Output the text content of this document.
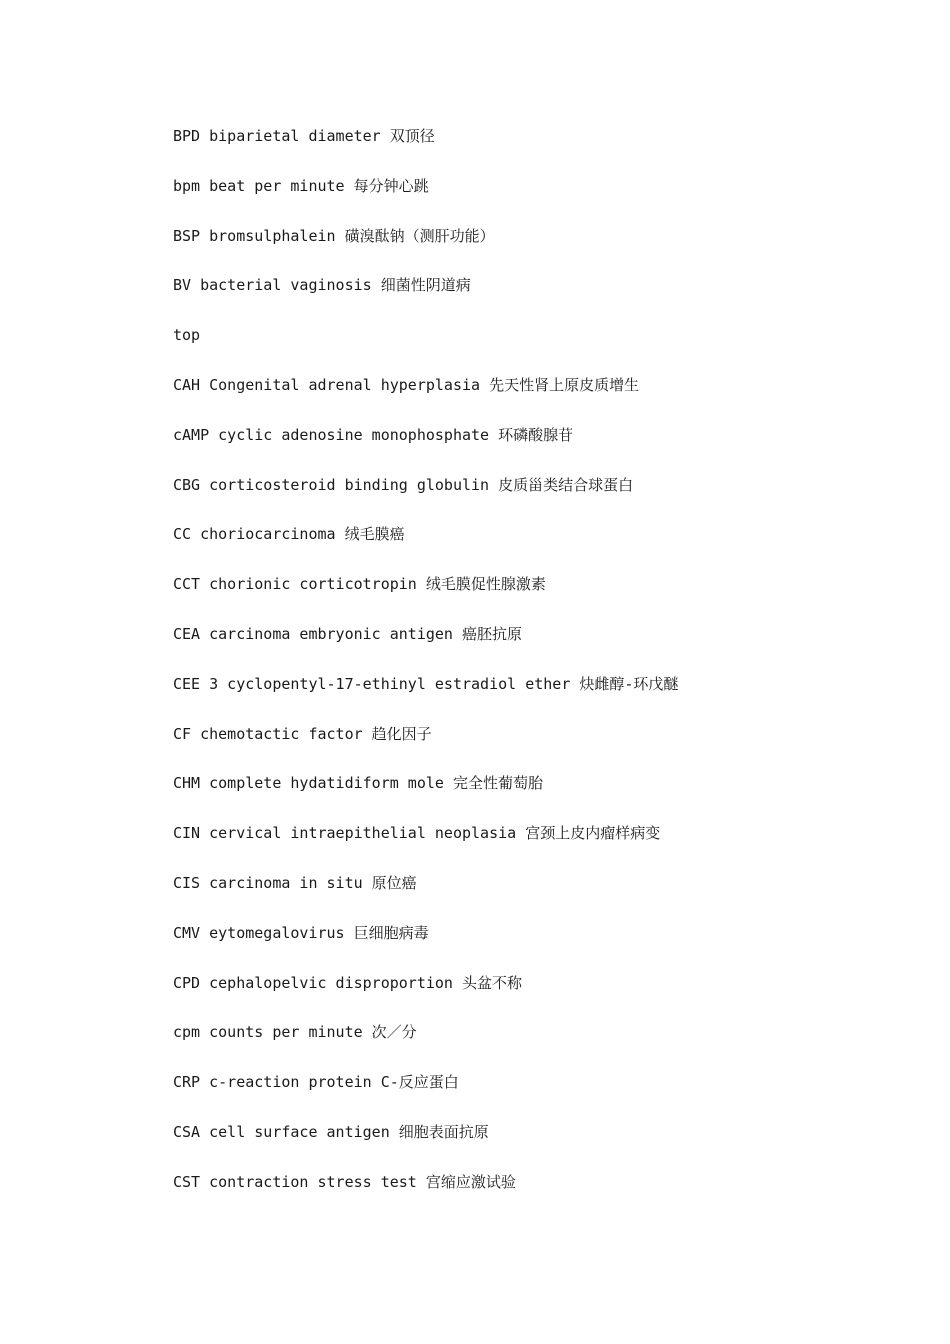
BPD biparietal diameter 双顶径
bpm beat per minute 每分钟心跳
BSP bromsulphalein 磺溴酞钠（测肝功能）
BV bacterial vaginosis 细菌性阴道病
top
CAH Congenital adrenal hyperplasia 先天性肾上原皮质增生
cAMP cyclic adenosine monophosphate 环磷酸腺苷
CBG corticosteroid binding globulin 皮质甾类结合球蛋白
CC choriocarcinoma 绒毛膜癌
CCT chorionic corticotropin 绒毛膜促性腺激素
CEA carcinoma embryonic antigen 癌胚抗原
CEE 3 cyclopentyl-17-ethinyl estradiol ether 炔雌醇-环戊醚
CF chemotactic factor 趋化因子
CHM complete hydatidiform mole 完全性葡萄胎
CIN cervical intraepithelial neoplasia 宫颈上皮内瘤样病变
CIS carcinoma in situ 原位癌
CMV eytomegalovirus 巨细胞病毒
CPD cephalopelvic disproportion 头盆不称
cpm counts per minute 次／分
CRP c-reaction protein C-反应蛋白
CSA cell surface antigen 细胞表面抗原
CST contraction stress test 宫缩应激试验
